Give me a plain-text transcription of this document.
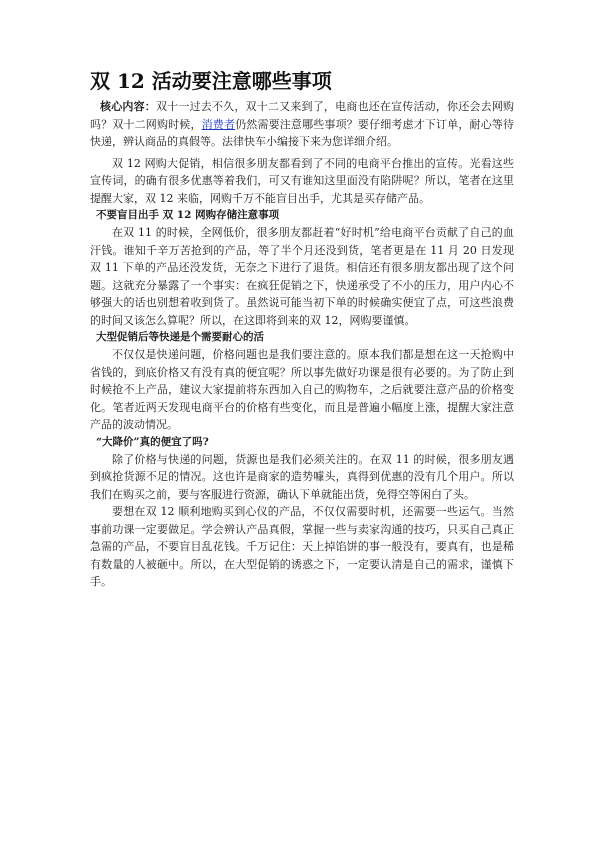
双 12 活动要注意哪些事项

核心内容：双十一过去不久，双十二又来到了，电商也还在宣传活动，你还会去网购吗？双十二网购时候，消费者仍然需要注意哪些事项？要仔细考虑才下订单，耐心等待快递，辨认商品的真假等。法律快车小编接下来为您详细介绍。

双 12 网购大促销，相信很多朋友都看到了不同的电商平台推出的宣传。光看这些宣传词，的确有很多优惠等着我们，可又有谁知这里面没有陷阱呢？所以，笔者在这里提醒大家，双 12 来临，网购千万不能盲目出手，尤其是买存储产品。

不要盲目出手 双 12 网购存储注意事项

在双 11 的时候，全网低价，很多朋友都赶着“好时机”给电商平台贡献了自己的血汗钱。谁知千辛万苦抢到的产品，等了半个月还没到货，笔者更是在 11 月 20 日发现双 11 下单的产品还没发货，无奈之下进行了退货。相信还有很多朋友都出现了这个问题。这就充分暴露了一个事实：在疯狂促销之下，快递承受了不小的压力，用户内心不够强大的话也别想着收到货了。虽然说可能当初下单的时候确实便宜了点，可这些浪费的时间又该怎么算呢？所以，在这即将到来的双 12，网购要谨慎。

大型促销后等快递是个需要耐心的活

不仅仅是快递问题，价格问题也是我们要注意的。原本我们都是想在这一天抢购中省钱的，到底价格又有没有真的便宜呢？所以事先做好功课是很有必要的。为了防止到时候抢不上产品，建议大家提前将东西加入自己的购物车，之后就要注意产品的价格变化。笔者近两天发现电商平台的价格有些变化，而且是普遍小幅度上涨，提醒大家注意产品的波动情况。

“大降价”真的便宜了吗?

除了价格与快递的问题，货源也是我们必须关注的。在双 11 的时候，很多朋友遇到疯抢货源不足的情况。这也许是商家的造势噱头，真得到优惠的没有几个用户。所以我们在购买之前，要与客服进行资源，确认下单就能出货，免得空等闲白了头。

要想在双 12 顺利地购买到心仪的产品，不仅仅需要时机，还需要一些运气。当然事前功课一定要做足。学会辨认产品真假，掌握一些与卖家沟通的技巧，只买自己真正急需的产品，不要盲目乱花钱。千万记住：天上掉馅饼的事一般没有，要真有，也是稀有数量的人被砸中。所以，在大型促销的诱惑之下，一定要认清是自己的需求，谨慎下手。
